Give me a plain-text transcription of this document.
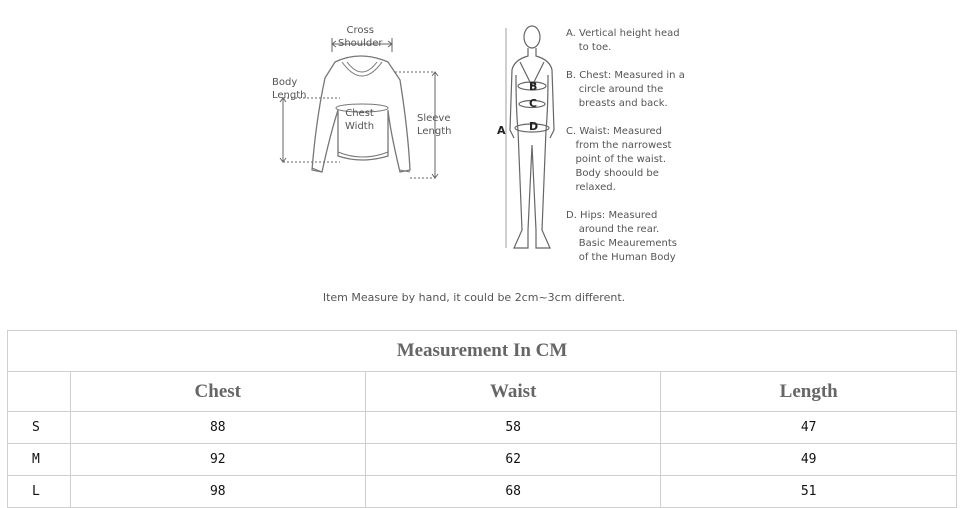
Cross
Shoulder
Body
Length
Chest
Width
Sleeve
Length	A
B
C
D
A. Vertical height head
to toe.
B. Chest: Measured in a
circle around the
breasts and back.
C. Waist: Measured
from the narrowest
point of the waist.
Body shoould be
relaxed.
D. Hips: Measured
around the rear.
Basic Meaurements
of the Human Body
Item Measure by hand, it could be 2cm~3cm different.
Measurement In CM			
	Chest	Waist	Length
S	88	58	47
M	92	62	49
L	98	68	51
